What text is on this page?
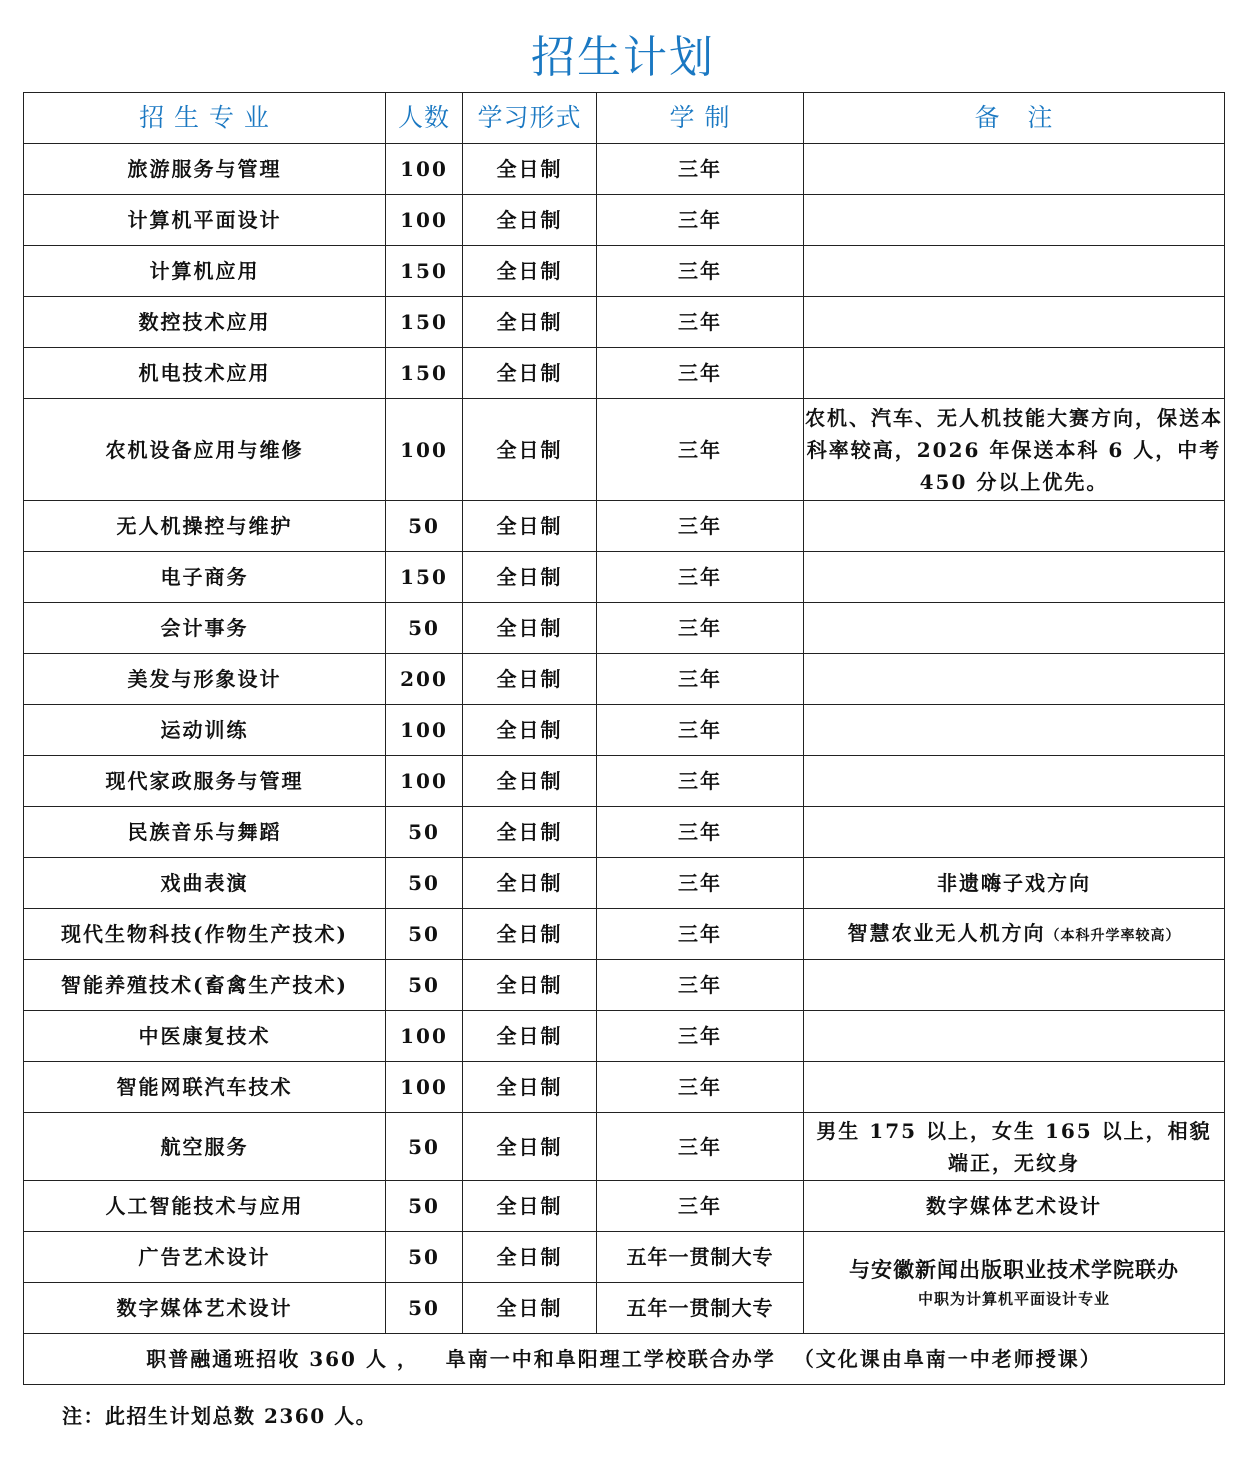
招生计划
招 生 专 业	人数	学习形式	学 制	备   注
旅游服务与管理	100	全日制	三年	
计算机平面设计	100	全日制	三年	
计算机应用	150	全日制	三年	
数控技术应用	150	全日制	三年	
机电技术应用	150	全日制	三年	
农机设备应用与维修	100	全日制	三年	农机、汽车、无人机技能大赛方向，保送本科率较高，2026 年保送本科 6 人，中考 450 分以上优先。
无人机操控与维护	50	全日制	三年	
电子商务	150	全日制	三年	
会计事务	50	全日制	三年	
美发与形象设计	200	全日制	三年	
运动训练	100	全日制	三年	
现代家政服务与管理	100	全日制	三年	
民族音乐与舞蹈	50	全日制	三年	
戏曲表演	50	全日制	三年	非遗嗨子戏方向
现代生物科技(作物生产技术)	50	全日制	三年	智慧农业无人机方向（本科升学率较高）
智能养殖技术(畜禽生产技术)	50	全日制	三年	
中医康复技术	100	全日制	三年	
智能网联汽车技术	100	全日制	三年	
航空服务	50	全日制	三年	男生 175 以上，女生 165 以上，相貌端正，无纹身
人工智能技术与应用	50	全日制	三年	数字媒体艺术设计
广告艺术设计	50	全日制	五年一贯制大专	与安徽新闻出版职业技术学院联办
中职为计算机平面设计专业

数字媒体艺术设计	50	全日制	五年一贯制大专	
职普融通班招收 360 人 ，   阜南一中和阜阳理工学校联合办学  （文化课由阜南一中老师授课）				
注：此招生计划总数 2360 人。
